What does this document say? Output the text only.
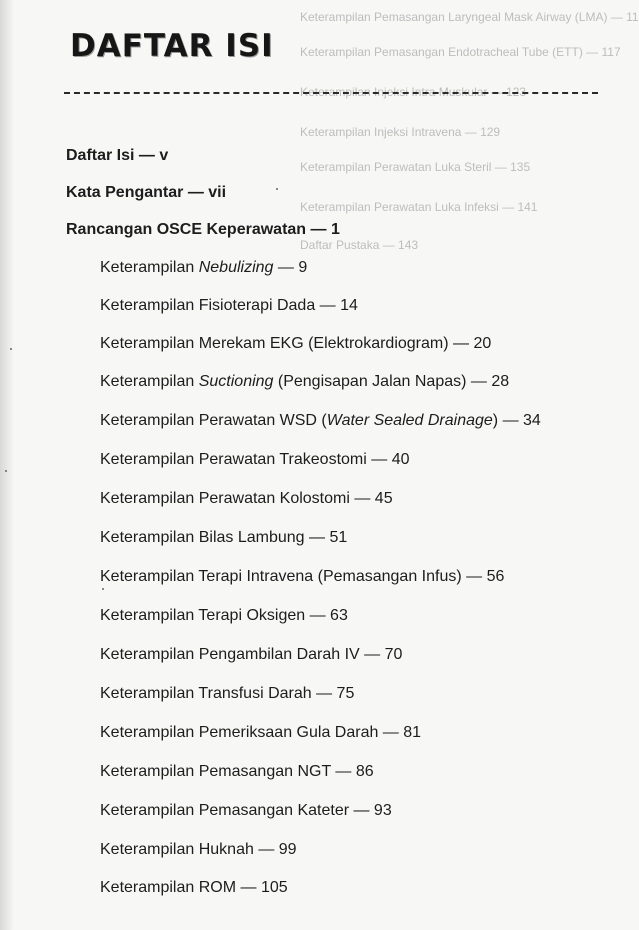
Keterampilan Pemasangan Laryngeal Mask Airway (LMA) — 11
Keterampilan Pemasangan Endotracheal Tube (ETT) — 117
Keterampilan Injeksi Intra Muskular — 123
Keterampilan Injeksi Intravena — 129
Keterampilan Perawatan Luka Steril — 135
Keterampilan Perawatan Luka Infeksi — 141
Daftar Pustaka — 143
DAFTAR ISI
Daftar Isi — v
Kata Pengantar — vii
Rancangan OSCE Keperawatan — 1
Keterampilan Nebulizing — 9
Keterampilan Fisioterapi Dada — 14
Keterampilan Merekam EKG (Elektrokardiogram) — 20
Keterampilan Suctioning (Pengisapan Jalan Napas) — 28
Keterampilan Perawatan WSD (Water Sealed Drainage) — 34
Keterampilan Perawatan Trakeostomi — 40
Keterampilan Perawatan Kolostomi — 45
Keterampilan Bilas Lambung — 51
Keterampilan Terapi Intravena (Pemasangan Infus) — 56
Keterampilan Terapi Oksigen — 63
Keterampilan Pengambilan Darah IV — 70
Keterampilan Transfusi Darah — 75
Keterampilan Pemeriksaan Gula Darah — 81
Keterampilan Pemasangan NGT — 86
Keterampilan Pemasangan Kateter — 93
Keterampilan Huknah — 99
Keterampilan ROM — 105
